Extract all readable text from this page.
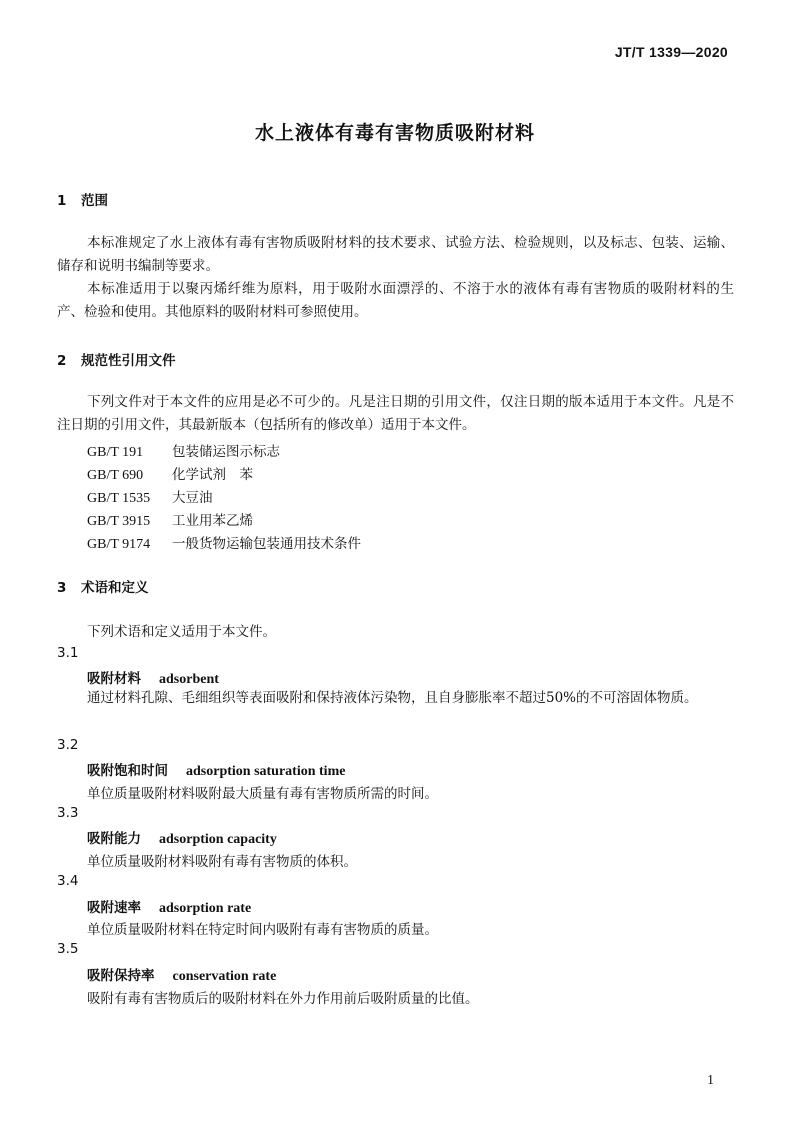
JT/T 1339—2020
水上液体有毒有害物质吸附材料
1 范围
本标准规定了水上液体有毒有害物质吸附材料的技术要求、试验方法、检验规则，以及标志、包装、运输、储存和说明书编制等要求。
本标准适用于以聚丙烯纤维为原料，用于吸附水面漂浮的、不溶于水的液体有毒有害物质的吸附材料的生产、检验和使用。其他原料的吸附材料可参照使用。
2 规范性引用文件
下列文件对于本文件的应用是必不可少的。凡是注日期的引用文件，仅注日期的版本适用于本文件。凡是不注日期的引用文件，其最新版本（包括所有的修改单）适用于本文件。
GB/T 191 包装储运图示标志
GB/T 690 化学试剂　苯
GB/T 1535 大豆油
GB/T 3915 工业用苯乙烯
GB/T 9174 一般货物运输包装通用技术条件
3 术语和定义
下列术语和定义适用于本文件。
3.1
吸附材料 adsorbent
通过材料孔隙、毛细组织等表面吸附和保持液体污染物，且自身膨胀率不超过50%的不可溶固体物质。
3.2
吸附饱和时间 adsorption saturation time
单位质量吸附材料吸附最大质量有毒有害物质所需的时间。
3.3
吸附能力 adsorption capacity
单位质量吸附材料吸附有毒有害物质的体积。
3.4
吸附速率 adsorption rate
单位质量吸附材料在特定时间内吸附有毒有害物质的质量。
3.5
吸附保持率 conservation rate
吸附有毒有害物质后的吸附材料在外力作用前后吸附质量的比值。
1
